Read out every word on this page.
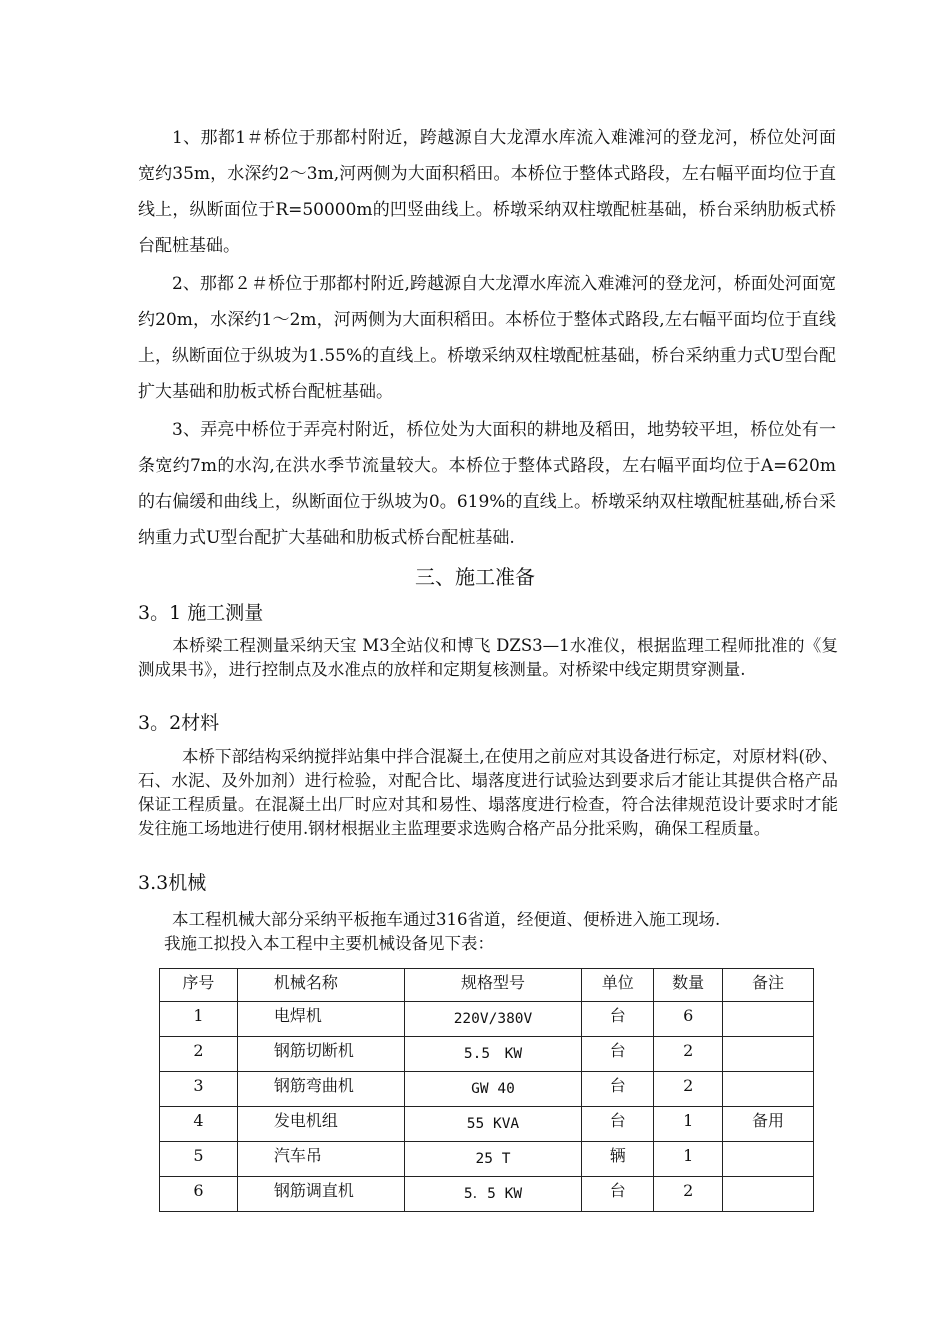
1、那都1＃桥位于那都村附近，跨越源自大龙潭水库流入难滩河的登龙河，桥位处河面宽约35m，水深约2～3m,河两侧为大面积稻田。本桥位于整体式路段，左右幅平面均位于直线上，纵断面位于R=50000m的凹竖曲线上。桥墩采纳双柱墩配桩基础，桥台采纳肋板式桥台配桩基础。
2、那都２＃桥位于那都村附近,跨越源自大龙潭水库流入难滩河的登龙河，桥面处河面宽约20m，水深约1～2m，河两侧为大面积稻田。本桥位于整体式路段,左右幅平面均位于直线上，纵断面位于纵坡为1.55%的直线上。桥墩采纳双柱墩配桩基础，桥台采纳重力式U型台配扩大基础和肋板式桥台配桩基础。
3、弄亮中桥位于弄亮村附近，桥位处为大面积的耕地及稻田，地势较平坦，桥位处有一条宽约7m的水沟,在洪水季节流量较大。本桥位于整体式路段，左右幅平面均位于A=620m的右偏缓和曲线上，纵断面位于纵坡为0。619%的直线上。桥墩采纳双柱墩配桩基础,桥台采纳重力式U型台配扩大基础和肋板式桥台配桩基础.
三、施工准备
3。1 施工测量
本桥梁工程测量采纳天宝 M3全站仪和博飞 DZS3—1水准仪，根据监理工程师批准的《复测成果书》，进行控制点及水准点的放样和定期复核测量。对桥梁中线定期贯穿测量.
3。2材料
本桥下部结构采纳搅拌站集中拌合混凝土,在使用之前应对其设备进行标定，对原材料(砂、石、水泥、及外加剂）进行检验，对配合比、塌落度进行试验达到要求后才能让其提供合格产品保证工程质量。在混凝土出厂时应对其和易性、塌落度进行检查，符合法律规范设计要求时才能发往施工场地进行使用.钢材根据业主监理要求选购合格产品分批采购，确保工程质量。
3.3机械
本工程机械大部分采纳平板拖车通过316省道，经便道、便桥进入施工现场.
我施工拟投入本工程中主要机械设备见下表：
序号	机械名称	规格型号	单位	数量	备注
1	电焊机	220V/380V	台	6	
2	钢筋切断机	5.5　KW	台	2	
3	钢筋弯曲机	GW 40	台	2	
4	发电机组	55 KVA	台	1	备用
5	汽车吊	25 T	辆	1	
6	钢筋调直机	5．5 KW	台	2	
